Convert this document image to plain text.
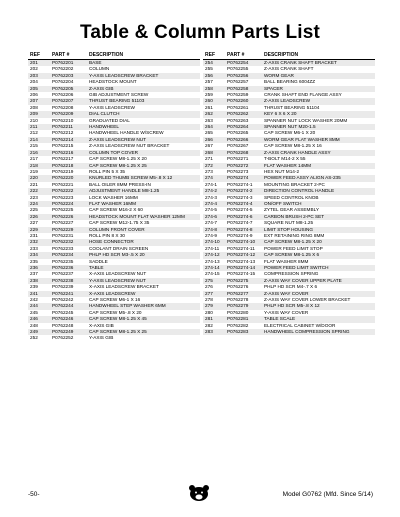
Table & Column Parts List
REF	PART #	DESCRIPTION
201	P0762201	BASE
202	P0762202	COLUMN
203	P0762203	Y-AXIS LEADSCREW BRACKET
204	P0762204	HEADSTOCK MOUNT
205	P0762205	Z-AXIS GIB
206	P0762206	GIB ADJUSTMENT SCREW
207	P0762207	THRUST BEARING 51103
208	P0762208	Y-AXIS LEADSCREW
209	P0762209	DIAL CLUTCH
210	P0762210	GRADUATED DIAL
211	P0762211	HANDWHEEL
212	P0762212	HANDWHEEL HANDLE W/SCREW
214	P0762214	Z-AXIS LEADSCREW NUT
215	P0762215	Z-AXIS LEADSCREW NUT BRACKET
216	P0762216	COLUMN TOP COVER
217	P0762217	CAP SCREW M8-1.25 X 20
218	P0762218	CAP SCREW M8-1.25 X 25
219	P0762219	ROLL PIN 5 X 35
220	P0762220	KNURLED THUMB SCREW M5-.8 X 12
221	P0762221	BALL OILER 8MM PRESS-IN
222	P0762222	ADJUSTMENT HANDLE M8-1.25
223	P0762223	LOCK WASHER 16MM
224	P0762224	FLAT WASHER 16MM
225	P0762225	CAP SCREW M16-2 X 60
226	P0762226	HEADSTOCK MOUNT FLAT WASHER 12MM
227	P0762227	CAP SCREW M12-1.75 X 35
229	P0762229	COLUMN FRONT COVER
231	P0762231	ROLL PIN 8 X 30
232	P0762232	HOSE CONNECTOR
233	P0762233	COOLANT DRAIN SCREEN
234	P0762234	PHLP HD SCR M3-.5 X 20
235	P0762235	SADDLE
236	P0762236	TABLE
237	P0762237	X-AXIS LEADSCREW NUT
238	P0762238	Y-AXIS LEADSCREW NUT
239	P0762239	X-AXIS LEADSCREW BRACKET
241	P0762241	X-AXIS LEADSCREW
242	P0762242	CAP SCREW M6-1 X 16
244	P0762244	HANDWHEEL STEP WASHER 6MM
245	P0762245	CAP SCREW M5-.8 X 20
246	P0762246	CAP SCREW M8-1.25 X 45
248	P0762248	X-AXIS GIB
249	P0762249	CAP SCREW M8-1.25 X 25
252	P0762252	Y-AXIS GIB
REF	PART #	DESCRIPTION
254	P0762254	Z-AXIS CRANK SHAFT BRACKET
255	P0762255	Z-AXIS CRANK SHAFT
256	P0762256	WORM GEAR
257	P0762257	BALL BEARING 6004ZZ
258	P0762258	SPACER
259	P0762259	CRANK SHAFT END FLANGE ASSY
260	P0762260	Z-AXIS LEADSCREW
261	P0762261	THRUST BEARING 51104
262	P0762262	KEY 6 X 6 X 20
263	P0762263	SPANNER NUT LOCK WASHER 20MM
264	P0762264	SPANNER NUT M20-1.5
265	P0762265	CAP SCREW M6-1 X 20
266	P0762266	WORM GEAR FLAT WASHER 8MM
267	P0762267	CAP SCREW M8-1.25 X 16
268	P0762268	Z-AXIS CRANK HANDLE ASSY
271	P0762271	T-BOLT M14-2 X 55
272	P0762272	FLAT WASHER 14MM
273	P0762273	HEX NUT M14-2
274	P0762274	POWER FEED ASSY ALIGN AS-235
274-1	P0762274-1	MOUNTING BRACKET 2-PC
274-2	P0762274-2	DIRECTION CONTROL HANDLE
274-3	P0762274-3	SPEED CONTROL KNOB
274-4	P0762274-4	ON/OFF SWITCH
274-5	P0762274-5	ZYTEL GEAR ASSEMBLY
274-6	P0762274-6	CARBON BRUSH 2-PC SET
274-7	P0762274-7	SQUARE NUT M8-1.25
274-8	P0762274-8	LIMIT STOP HOUSING
274-9	P0762274-9	EXT RETAINING RING 8MM
274-10	P0762274-10	CAP SCREW M8-1.25 X 20
274-11	P0762274-11	POWER FEED LIMIT STOP
274-12	P0762274-12	CAP SCREW M8-1.25 X 6
274-13	P0762274-13	FLAT WASHER 8MM
274-14	P0762274-14	POWER FEED LIMIT SWITCH
274-15	P0762274-15	COMPRESSION SPRING
275	P0762275	Z-AXIS WAY COVER UPPER PLATE
276	P0762276	PHLP HD SCR M4-.7 X 6
277	P0762277	Z-AXIS WAY COVER
278	P0762278	Z-AXIS WAY COVER LOWER BRACKET
279	P0762279	PHLP HD SCR M5-.8 X 12
280	P0762280	Y-AXIS WAY COVER
281	P0762281	TABLE SCALE
282	P0762282	ELECTRICAL CABINET W/DOOR
283	P0762283	HANDWHEEL COMPRESSION SPRING
-50-	Model G0762 (Mfd. Since 5/14)
